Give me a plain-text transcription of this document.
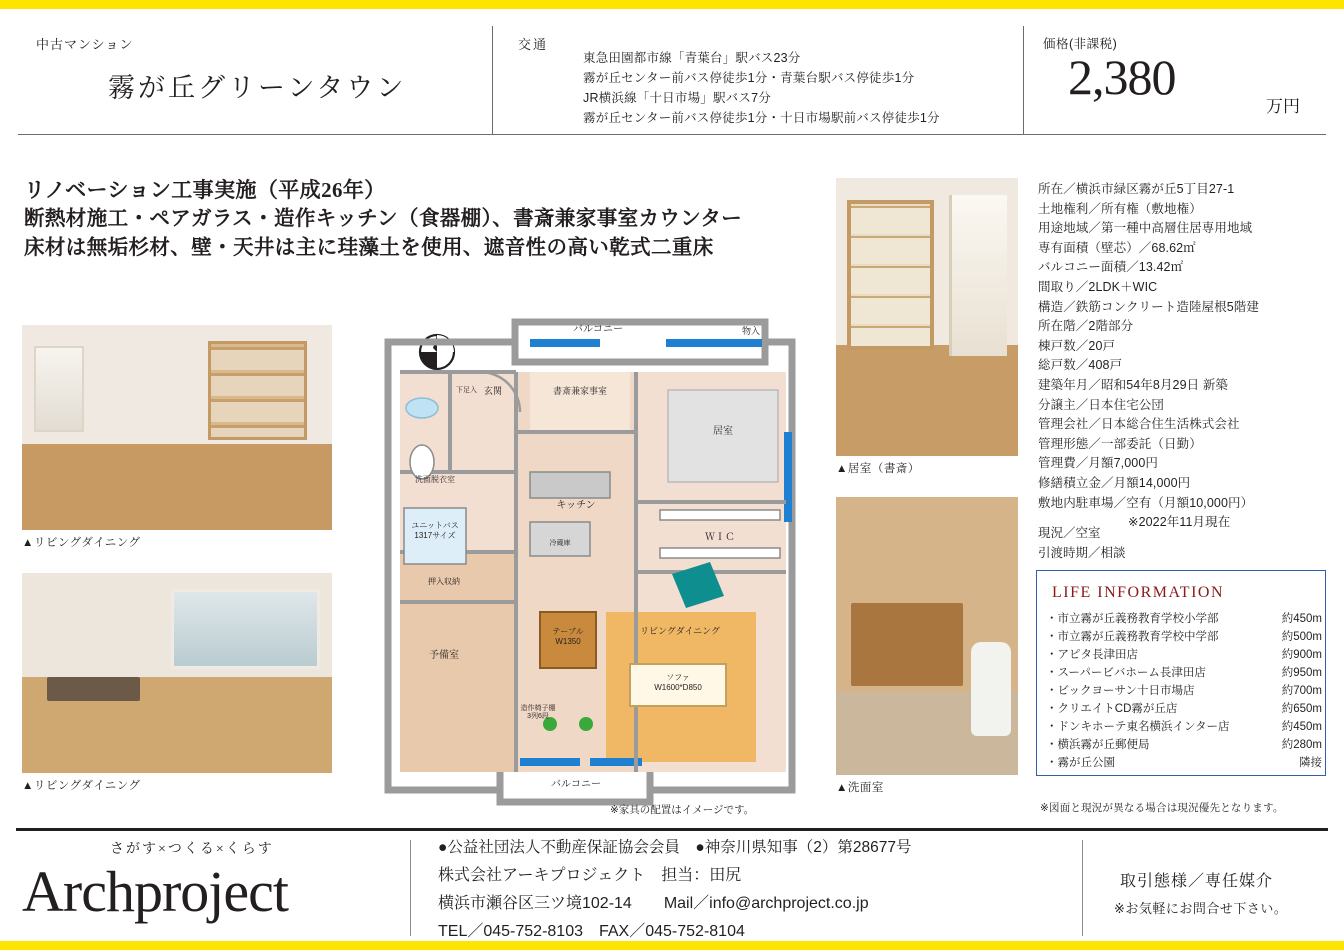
中古マンション
霧が丘グリーンタウン
交通
東急田園都市線「青葉台」駅バス23分
霧が丘センター前バス停徒歩1分・青葉台駅バス停徒歩1分
JR横浜線「十日市場」駅バス7分
霧が丘センター前バス停徒歩1分・十日市場駅前バス停徒歩1分
価格(非課税)
2,380
万円
リノベーション工事実施（平成26年）
断熱材施工・ペアガラス・造作キッチン（食器棚）、書斎兼家事室カウンター
床材は無垢杉材、壁・天井は主に珪藻土を使用、遮音性の高い乾式二重床
▲リビングダイニング
▲リビングダイニング
▲居室（書斎）
▲洗面室
所在／横浜市緑区霧が丘5丁目27-1
土地権利／所有権（敷地権）
用途地域／第一種中高層住居専用地域
専有面積（壁芯）／68.62㎡
バルコニー面積／13.42㎡
間取り／2LDK＋WIC
構造／鉄筋コンクリート造陸屋根5階建
所在階／2階部分
棟戸数／20戸
総戸数／408戸
建築年月／昭和54年8月29日 新築
分譲主／日本住宅公団
管理会社／日本総合住生活株式会社
管理形態／一部委託（日勤）
管理費／月額7,000円
修繕積立金／月額14,000円
敷地内駐車場／空有（月額10,000円）
※2022年11月現在
現況／空室
引渡時期／相談
LIFE INFORMATION
・市立霧が丘義務教育学校小学部	約450m
・市立霧が丘義務教育学校中学部	約500m
・アピタ長津田店	約900m
・スーパービバホーム長津田店	約950m
・ビックヨーサン十日市場店	約700m
・クリエイトCD霧が丘店	約650m
・ドンキホーテ東名横浜インター店	約450m
・横浜霧が丘郵便局	約280m
・霧が丘公園	隣接
※図面と現況が異なる場合は現況優先となります。
バルコニー	物入
書斎兼家事室
居室
玄関
下足入
洗面脱衣室
キッチン
ＷＩＣ
ユニットバス
1317サイズ
冷蔵庫
押入収納
予備室
テーブル
W1350
リビングダイニング
造作椅子棚
3列6段
ソファ
W1600*D850
バルコニー
※家具の配置はイメージです。
さがす×つくる×くらす
Archproject
●公益社団法人不動産保証協会会員　●神奈川県知事（2）第28677号
株式会社アーキプロジェクト　担当：田尻
横浜市瀬谷区三ツ境102-14　　Mail／info@archproject.co.jp
TEL／045-752-8103　FAX／045-752-8104
取引態様／専任媒介
※お気軽にお問合せ下さい。
